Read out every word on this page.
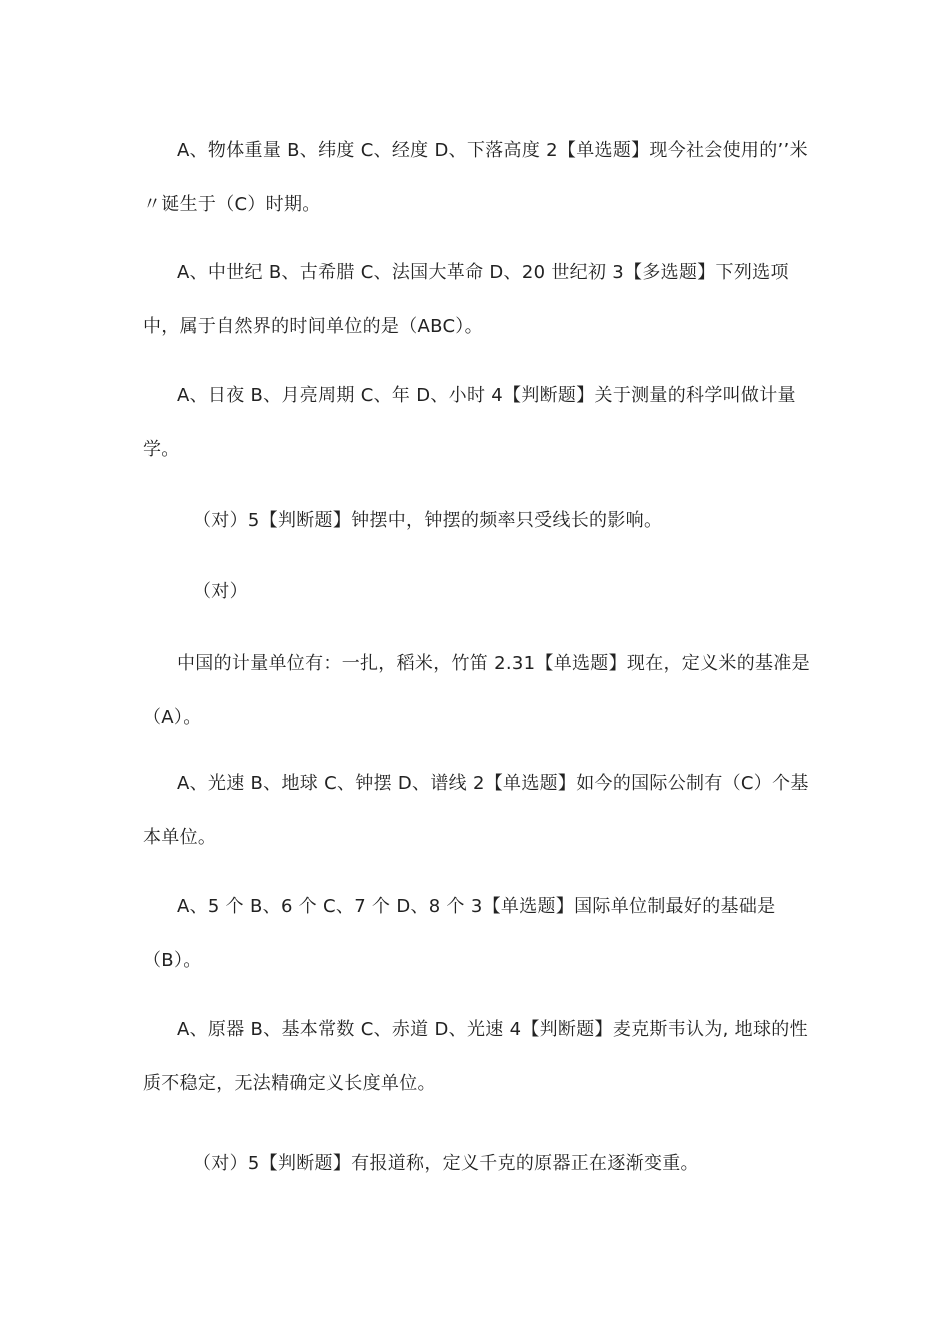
A、物体重量 B、纬度 C、经度 D、下落高度 2【单选题】现今社会使用的’’米〃诞生于（C）时期。

A、中世纪 B、古希腊 C、法国大革命 D、20 世纪初 3【多选题】下列选项中，属于自然界的时间单位的是（ABC）。

A、日夜 B、月亮周期 C、年 D、小时 4【判断题】关于测量的科学叫做计量学。

（对）5【判断题】钟摆中，钟摆的频率只受线长的影响。

（对）

中国的计量单位有：一扎，稻米，竹笛 2.31【单选题】现在，定义米的基准是（A）。

A、光速 B、地球 C、钟摆 D、谱线 2【单选题】如今的国际公制有（C）个基本单位。

A、5 个 B、6 个 C、7 个 D、8 个 3【单选题】国际单位制最好的基础是（B）。

A、原器 B、基本常数 C、赤道 D、光速 4【判断题】麦克斯韦认为, 地球的性质不稳定，无法精确定义长度单位。

（对）5【判断题】有报道称，定义千克的原器正在逐渐变重。
